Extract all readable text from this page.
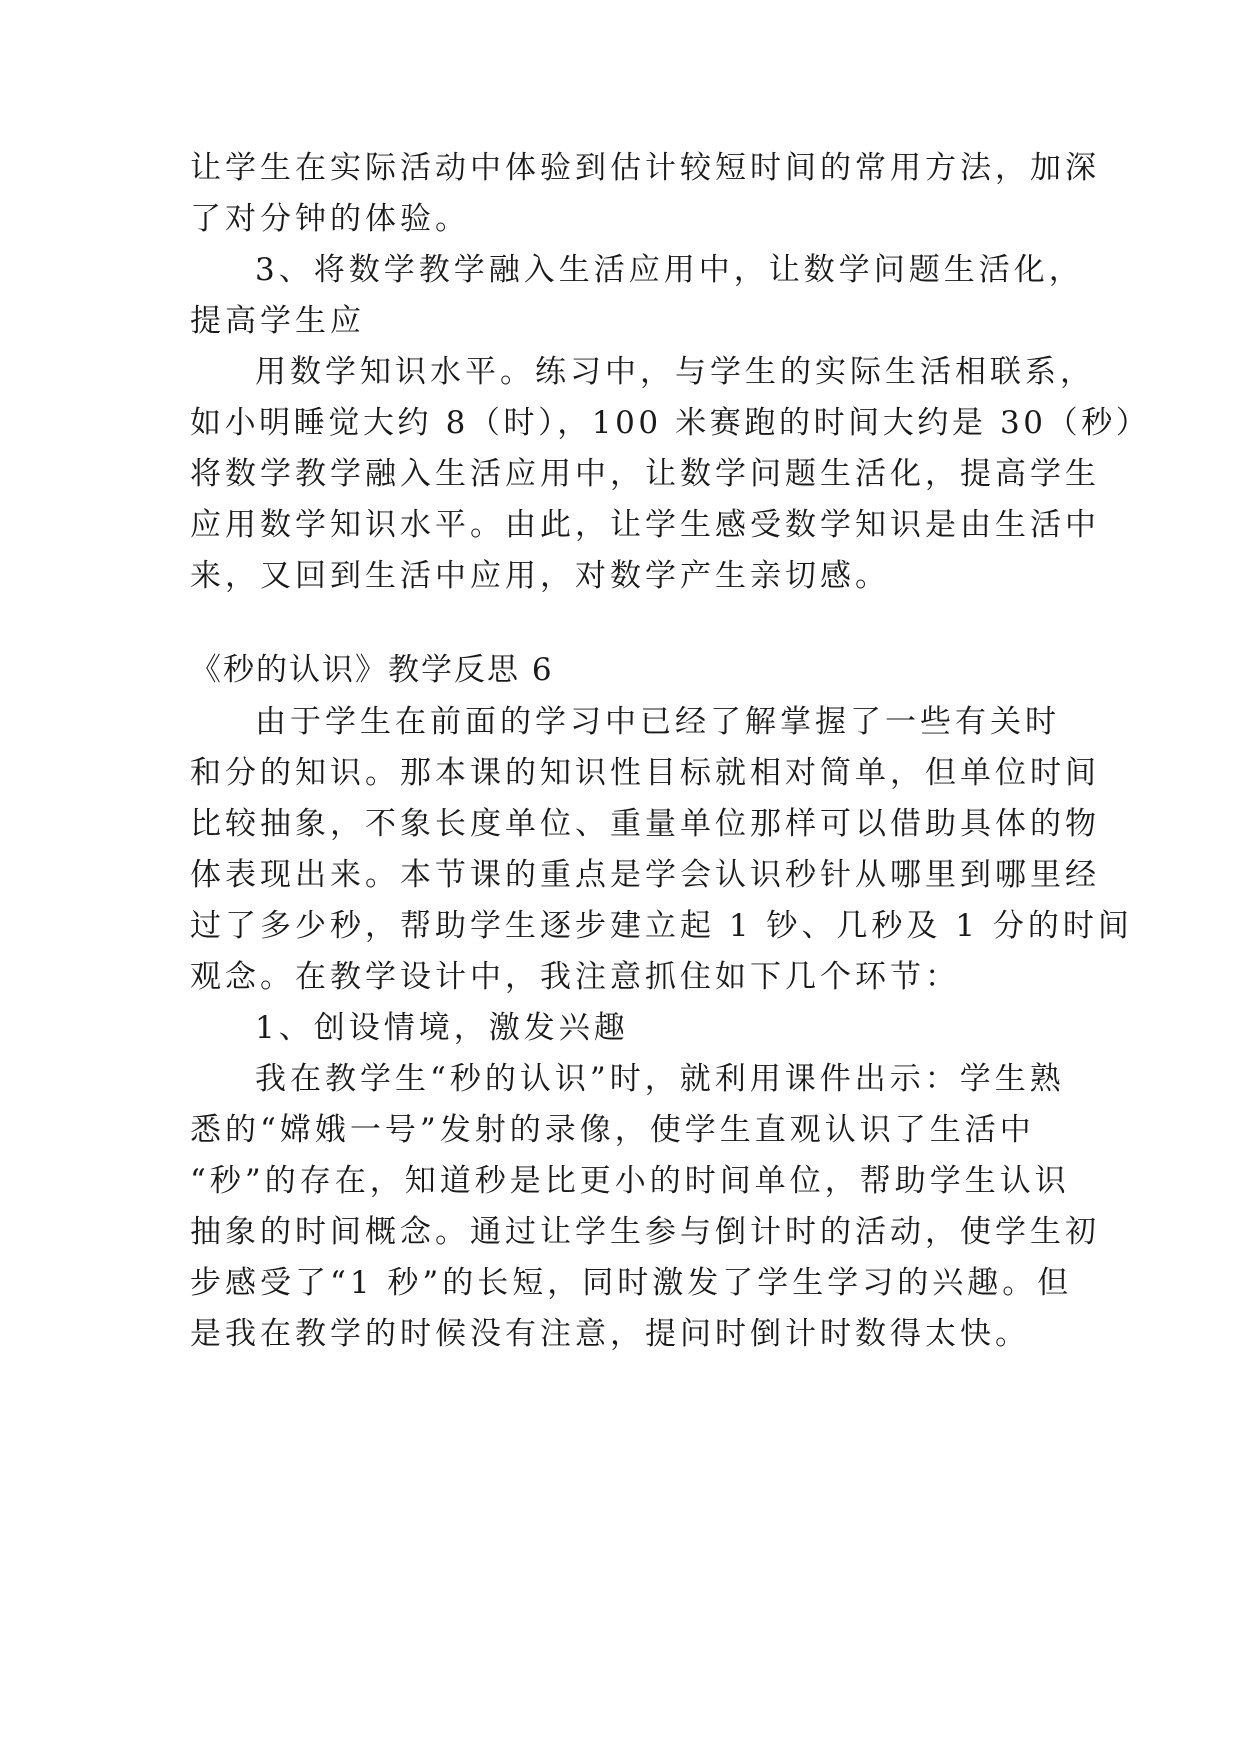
让学生在实际活动中体验到估计较短时间的常用方法，加深

了对分钟的体验。

3、将数学教学融入生活应用中，让数学问题生活化，

提高学生应

用数学知识水平。练习中，与学生的实际生活相联系，

如小明睡觉大约 8（时），100 米赛跑的时间大约是 30（秒）

将数学教学融入生活应用中，让数学问题生活化，提高学生

应用数学知识水平。由此，让学生感受数学知识是由生活中

来，又回到生活中应用，对数学产生亲切感。

《秒的认识》教学反思 6

由于学生在前面的学习中已经了解掌握了一些有关时

和分的知识。那本课的知识性目标就相对简单，但单位时间

比较抽象，不象长度单位、重量单位那样可以借助具体的物

体表现出来。本节课的重点是学会认识秒针从哪里到哪里经

过了多少秒，帮助学生逐步建立起 1 钞、几秒及 1 分的时间

观念。在教学设计中，我注意抓住如下几个环节：

1、创设情境，激发兴趣

我在教学生“秒的认识”时，就利用课件出示：学生熟

悉的“嫦娥一号”发射的录像，使学生直观认识了生活中

“秒”的存在，知道秒是比更小的时间单位，帮助学生认识

抽象的时间概念。通过让学生参与倒计时的活动，使学生初

步感受了“1 秒”的长短，同时激发了学生学习的兴趣。但

是我在教学的时候没有注意，提问时倒计时数得太快。
